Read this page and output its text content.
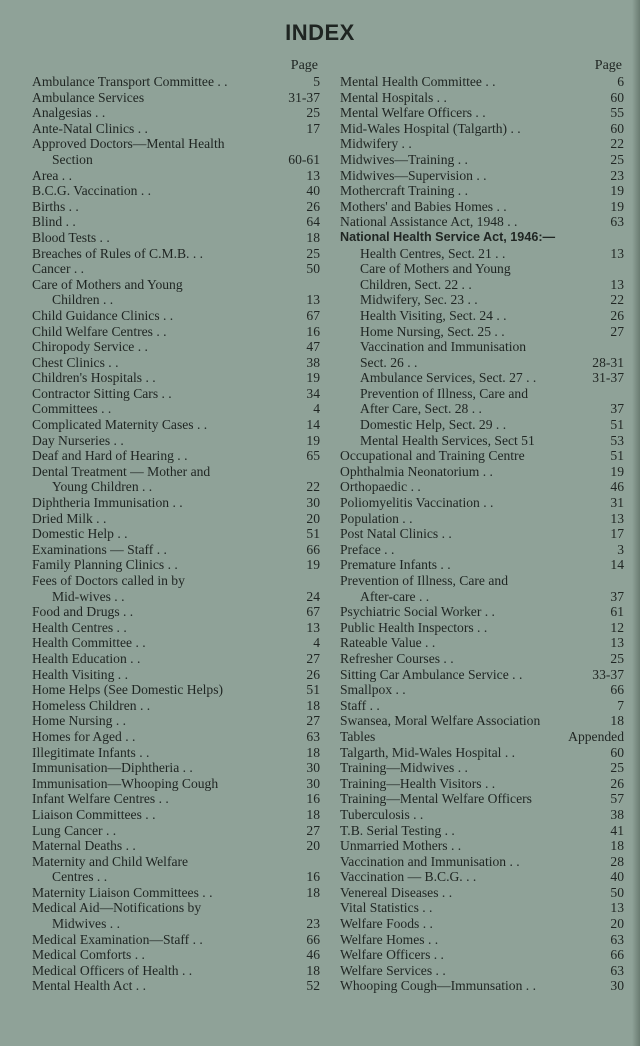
INDEX
Page
Ambulance Transport Committee . .	5
Ambulance Services	31-37
Analgesias . .	25
Ante-Natal Clinics . .	17
Approved Doctors—Mental Health
Section	60-61
Area . .	13
B.C.G. Vaccination . .	40
Births . .	26
Blind . .	64
Blood Tests . .	18
Breaches of Rules of C.M.B. . .	25
Cancer . .	50
Care of Mothers and Young
Children . .	13
Child Guidance Clinics . .	67
Child Welfare Centres . .	16
Chiropody Service . .	47
Chest Clinics . .	38
Children's Hospitals . .	19
Contractor Sitting Cars . .	34
Committees . .	4
Complicated Maternity Cases . .	14
Day Nurseries . .	19
Deaf and Hard of Hearing . .	65
Dental Treatment — Mother and
Young Children . .	22
Diphtheria Immunisation . .	30
Dried Milk . .	20
Domestic Help . .	51
Examinations — Staff . .	66
Family Planning Clinics . .	19
Fees of Doctors called in by
Mid-wives . .	24
Food and Drugs . .	67
Health Centres . .	13
Health Committee . .	4
Health Education . .	27
Health Visiting . .	26
Home Helps (See Domestic Helps)	51
Homeless Children . .	18
Home Nursing . .	27
Homes for Aged . .	63
Illegitimate Infants . .	18
Immunisation—Diphtheria . .	30
Immunisation—Whooping Cough	30
Infant Welfare Centres . .	16
Liaison Committees . .	18
Lung Cancer . .	27
Maternal Deaths . .	20
Maternity and Child Welfare
Centres . .	16
Maternity Liaison Committees . .	18
Medical Aid—Notifications by
Midwives . .	23
Medical Examination—Staff . .	66
Medical Comforts . .	46
Medical Officers of Health . .	18
Mental Health Act . .	52
Page
Mental Health Committee . .	6
Mental Hospitals . .	60
Mental Welfare Officers . .	55
Mid-Wales Hospital (Talgarth) . .	60
Midwifery . .	22
Midwives—Training . .	25
Midwives—Supervision . .	23
Mothercraft Training . .	19
Mothers' and Babies Homes . .	19
National Assistance Act, 1948 . .	63
National Health Service Act, 1946:—
Health Centres, Sect. 21 . .	13
Care of Mothers and Young
Children, Sect. 22 . .	13
Midwifery, Sec. 23 . .	22
Health Visiting, Sect. 24 . .	26
Home Nursing, Sect. 25 . .	27
Vaccination and Immunisation
Sect. 26 . .	28-31
Ambulance Services, Sect. 27 . .	31-37
Prevention of Illness, Care and
After Care, Sect. 28 . .	37
Domestic Help, Sect. 29 . .	51
Mental Health Services, Sect 51	53
Occupational and Training Centre	51
Ophthalmia Neonatorium . .	19
Orthopaedic . .	46
Poliomyelitis Vaccination . .	31
Population . .	13
Post Natal Clinics . .	17
Preface . .	3
Premature Infants . .	14
Prevention of Illness, Care and
After-care . .	37
Psychiatric Social Worker . .	61
Public Health Inspectors . .	12
Rateable Value . .	13
Refresher Courses . .	25
Sitting Car Ambulance Service . .	33-37
Smallpox . .	66
Staff . .	7
Swansea, Moral Welfare Association	18
Tables	Appended
Talgarth, Mid-Wales Hospital . .	60
Training—Midwives . .	25
Training—Health Visitors . .	26
Training—Mental Welfare Officers	57
Tuberculosis . .	38
T.B. Serial Testing . .	41
Unmarried Mothers . .	18
Vaccination and Immunisation . .	28
Vaccination — B.C.G. . .	40
Venereal Diseases . .	50
Vital Statistics . .	13
Welfare Foods . .	20
Welfare Homes . .	63
Welfare Officers . .	66
Welfare Services . .	63
Whooping Cough—Immunsation . .	30
